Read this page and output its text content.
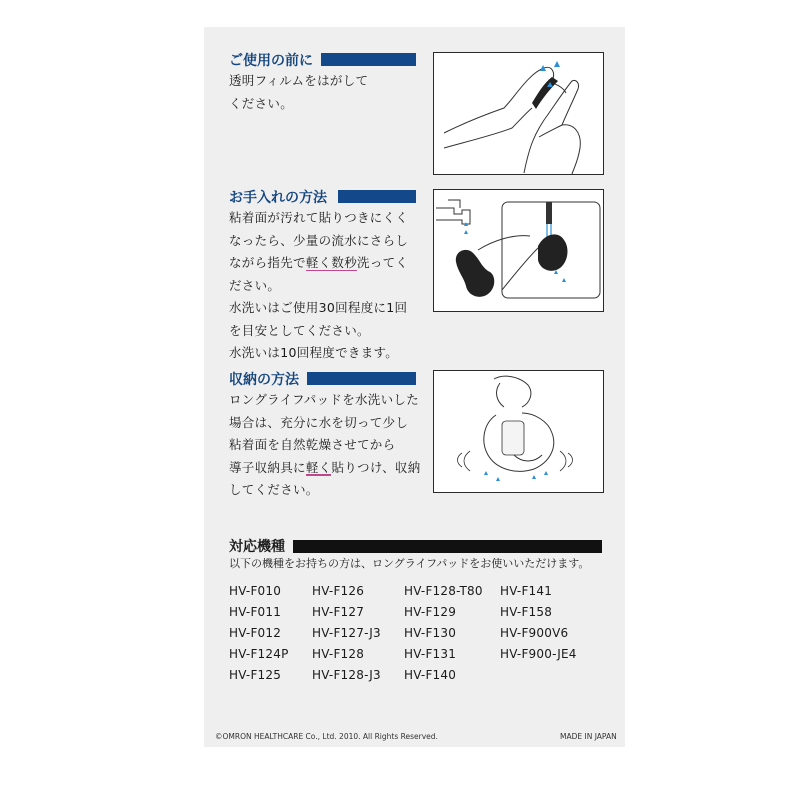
ご使用の前に
透明フィルムをはがして
ください。
お手入れの方法
粘着面が汚れて貼りつきにくく
なったら、少量の流水にさらし
ながら指先で軽く数秒洗ってく
ださい。
水洗いはご使用30回程度に1回
を目安としてください。
水洗いは10回程度できます。
収納の方法
ロングライフパッドを水洗いした
場合は、充分に水を切って少し
粘着面を自然乾燥させてから
導子収納具に軽く貼りつけ、収納
してください。
対応機種
以下の機種をお持ちの方は、ロングライフパッドをお使いいただけます。
HV-F010
HV-F011
HV-F012
HV-F124P
HV-F125
HV-F126
HV-F127
HV-F127-J3
HV-F128
HV-F128-J3
HV-F128-T80
HV-F129
HV-F130
HV-F131
HV-F140
HV-F141
HV-F158
HV-F900V6
HV-F900-JE4
©OMRON HEALTHCARE Co., Ltd. 2010. All Rights Reserved.	MADE IN JAPAN
